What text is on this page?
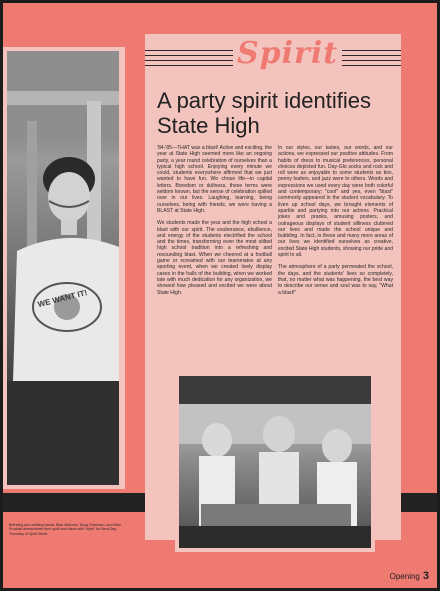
WE WANT IT!
Befriding and whining bands. Blair Malcolm, Doug Robinson, and Mike Pruchak demonstrate their spirit and dress with "style" for Nerd Day, Thursday of Spirit Week.
Spirit
A party spirit identifies State High

'84-'85—THAT was a blast! Active and exciting, the year at State High seemed more like an ongoing party, a year round celebration of ourselves than a typical high school. Enjoying every minute we could, students everywhere affirmed that we just wanted to have fun. We chose life—in capital letters. Boredom or dullness, these terms were seldom known, but the sense of celebration spilled over in our lives. Laughing, learning, being ourselves, being with friends, we were having a BLAST at State High.

We students made the year and the high school a blast with our spirit. The exuberance, ebullience, and energy of the students electrified the school and the times, transforming even the most stilted high school tradition into a refreshing and resounding blast. When we cheered at a football game or screamed with our teammates at any sporting event, when we created lively display cases in the halls of the building, when we worked late with much dedication for any organization, we showed how pleased and excited we were about State High.

In our styles, our tastes, our words, and our actions, we expressed our positive attitudes. From habits of dress to musical preferences, personal choices depicted fun. Day-Glo socks and rock and roll were as enjoyable to some students as ties, penny loafers, and jazz were to others. Words and expressions we used every day were both colorful and contemporary; "cool" and yes, even "blast" commonly appeared in the student vocabulary. To liven up school days, we brought elements of sparkle and partying into our actions. Practical jokes and pranks, amusing posters, and outrageous displays of student silliness cluttered our lives and made the school unique and bubbling. In fact, in these and many more areas of our lives we identified ourselves as creative, excited State High students, showing our pride and spirit to all.

The atmosphere of a party permeated the school, the days, and the students' lives so completely, that, no matter what was happening, the best way to describe our sense and soul was to say, "What a blast!"

Opening 3
